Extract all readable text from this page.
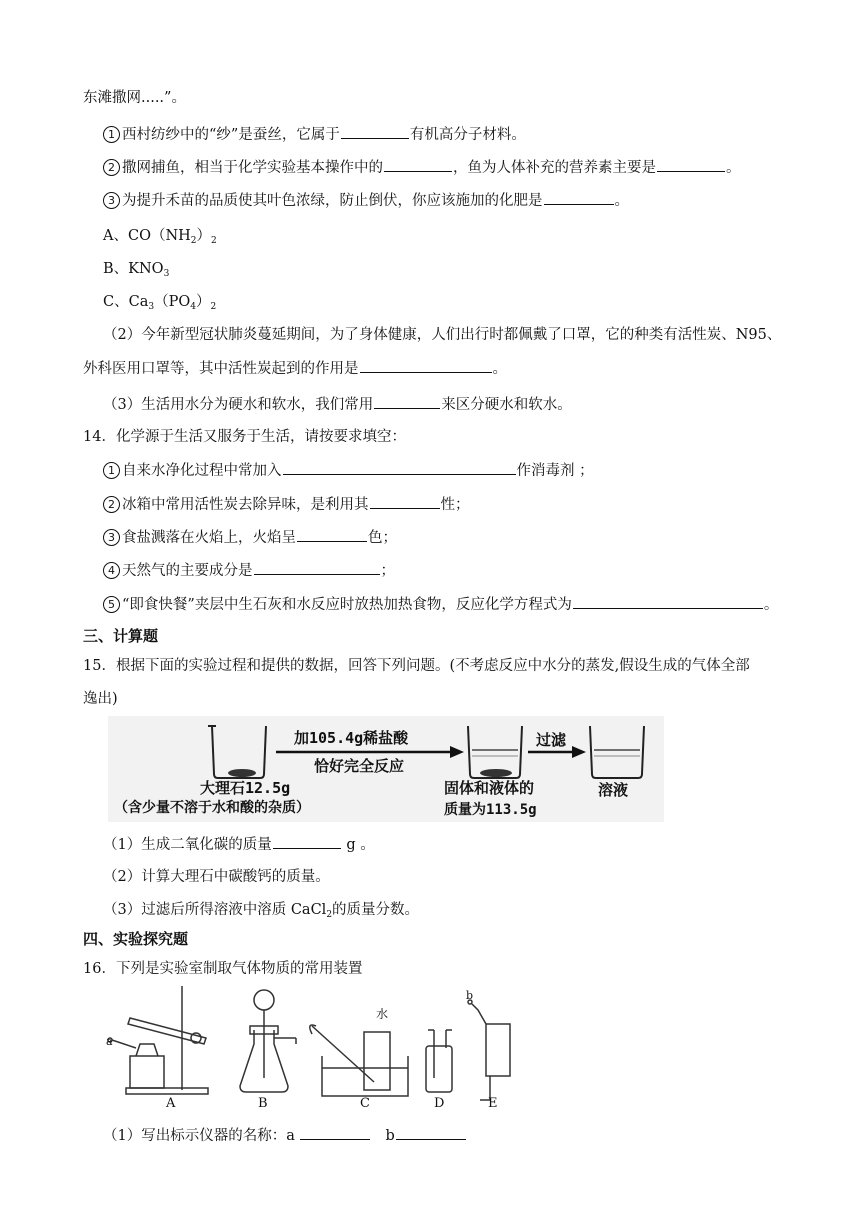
东滩撒网.....”。
1 西村纺纱中的“纱”是蚕丝，它属于	有机高分子材料。
2 撒网捕鱼，相当于化学实验基本操作中的	，鱼为人体补充的营养素主要是	。
3 为提升禾苗的品质使其叶色浓绿，防止倒伏，你应该施加的化肥是	。
A、$CO(NH_2)_2$
B、$KNO_3$
C、$Ca_3(PO_4)_2$
（2）今年新型冠状肺炎蔓延期间，为了身体健康，人们出行时都佩戴了口罩，它的种类有活性炭、N95、
外科医用口罩等，其中活性炭起到的作用是	。
（3）生活用水分为硬水和软水，我们常用	来区分硬水和软水。
14．化学源于生活又服务于生活，请按要求填空：
1 自来水净化过程中常加入	作消毒剂 ；
2 冰箱中常用活性炭去除异味，是利用其	性；
3 食盐溅落在火焰上，火焰呈	色；
4 天然气的主要成分是	；
5 “即食快餐”夹层中生石灰和水反应时放热加热食物，反应化学方程式为	。
三、计算题
15．根据下面的实验过程和提供的数据，回答下列问题。(不考虑反应中水分的蒸发,假设生成的气体全部
逸出)
加105.4g稀盐酸
恰好完全反应
大理石12.5g
（含少量不溶于水和酸的杂质）
固体和液体的
质量为113.5g
过滤
溶液
（1）生成二氧化碳的质量	g 。
（2）计算大理石中碳酸钙的质量。
（3）过滤后所得溶液中溶质 CaCl$_2$的质量分数。
四、实验探究题
16．下列是实验室制取气体物质的常用装置
A	B	C	D	E
水
a
b
（1）写出标示仪器的名称：a	b
